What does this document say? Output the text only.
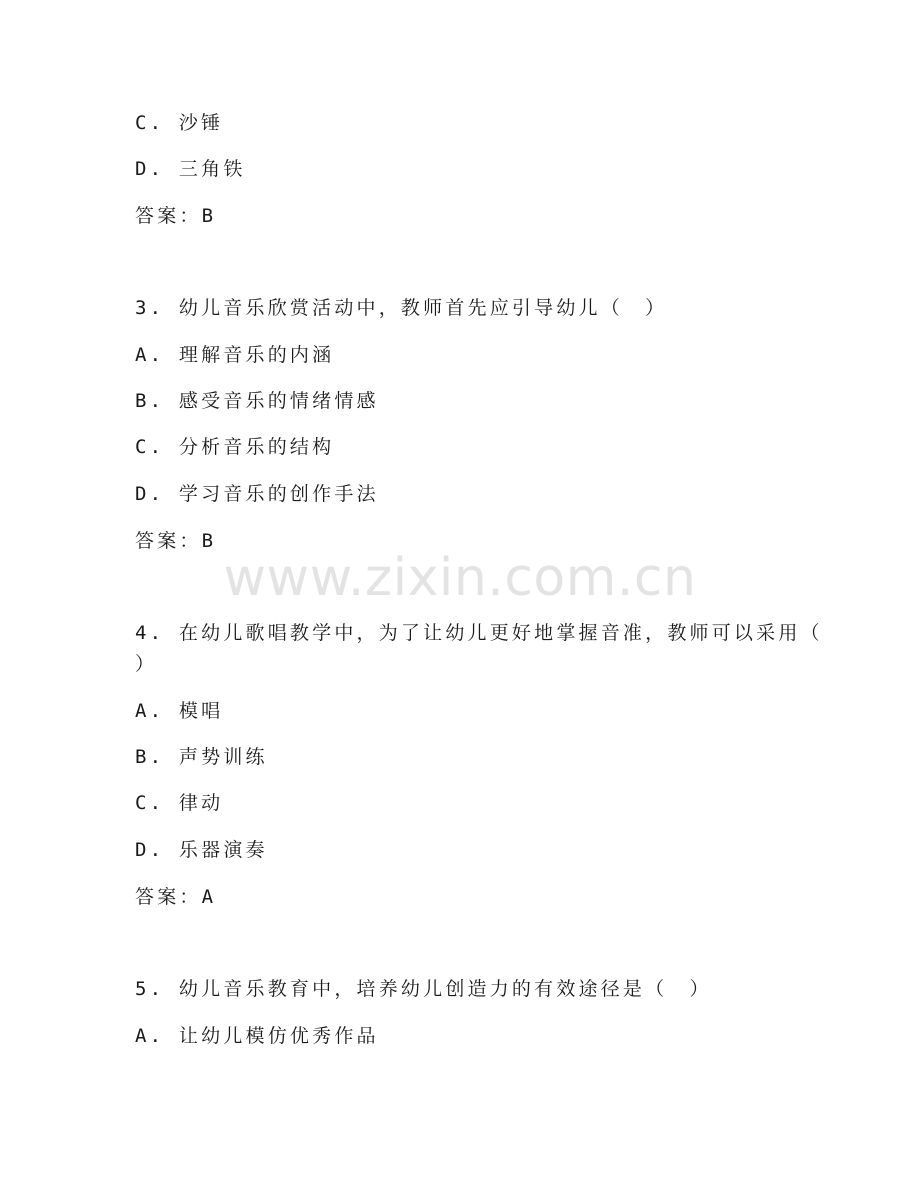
www.zixin.com.cn
C. 沙锤
D. 三角铁
答案：B
3. 幼儿音乐欣赏活动中，教师首先应引导幼儿（　）
A. 理解音乐的内涵
B. 感受音乐的情绪情感
C. 分析音乐的结构
D. 学习音乐的创作手法
答案：B
4. 在幼儿歌唱教学中，为了让幼儿更好地掌握音准，教师可以采用（
）
A. 模唱
B. 声势训练
C. 律动
D. 乐器演奏
答案：A
5. 幼儿音乐教育中，培养幼儿创造力的有效途径是（　）
A. 让幼儿模仿优秀作品
